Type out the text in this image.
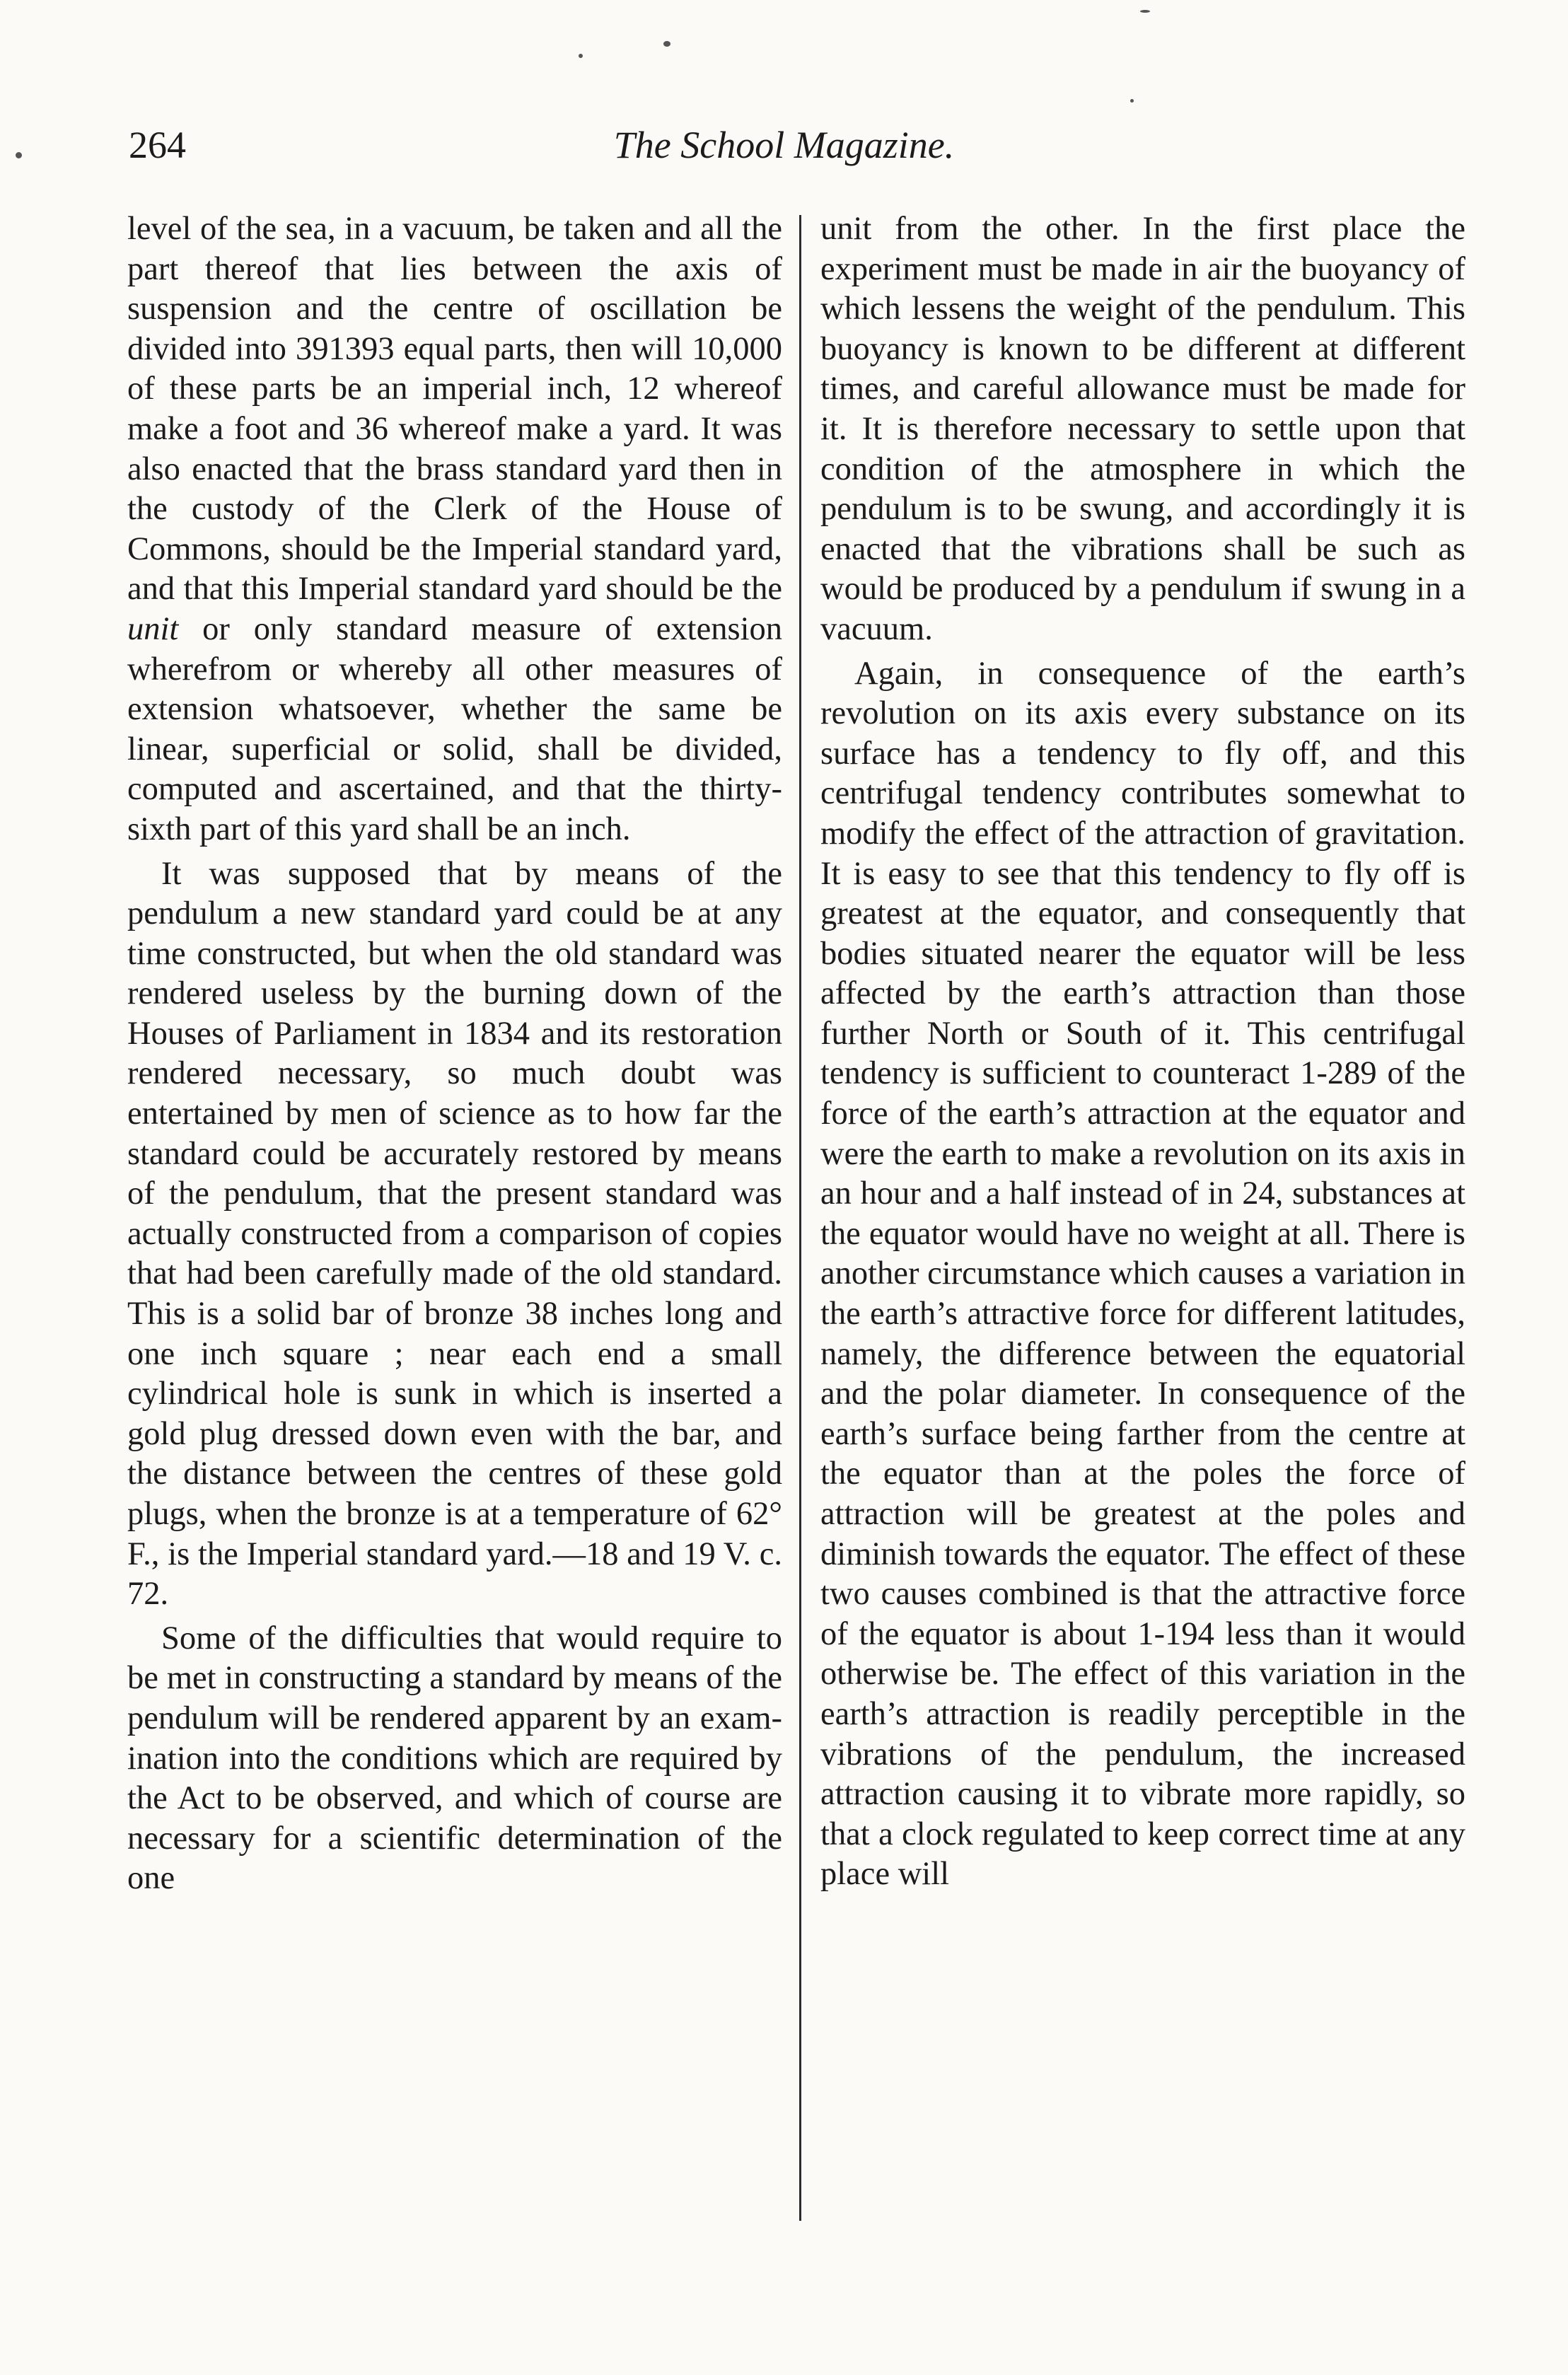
264	The School Magazine.

level of the sea, in a vacuum, be taken and all the part thereof that lies between the axis of suspension and the centre of oscillation be divided into 391393 equal parts, then will 10,000 of these parts be an imperial inch, 12 whereof make a foot and 36 whereof make a yard. It was also enacted that the brass standard yard then in the custody of the Clerk of the House of Commons, should be the Imperial standard yard, and that this Imperial standard yard should be the unit or only standard measure of extension wherefrom or whereby all other measures of extension whatsoever, whether the same be linear, superficial or solid, shall be divided, computed and ascertained, and that the thirty-sixth part of this yard shall be an inch.

It was supposed that by means of the pendulum a new standard yard could be at any time constructed, but when the old standard was rendered useless by the burning down of the Houses of Parliament in 1834 and its restoration rendered necessary, so much doubt was entertained by men of science as to how far the standard could be accurately restored by means of the pendulum, that the present standard was actually constructed from a comparison of copies that had been carefully made of the old standard. This is a solid bar of bronze 38 inches long and one inch square ; near each end a small cylindrical hole is sunk in which is inserted a gold plug dressed down even with the bar, and the distance between the centres of these gold plugs, when the bronze is at a temperature of 62° F., is the Imperial standard yard.—18 and 19 V. c. 72.

Some of the difficulties that would require to be met in constructing a standard by means of the pendulum will be rendered apparent by an examination into the conditions which are required by the Act to be observed, and which of course are necessary for a scientific determination of the one

unit from the other. In the first place the experiment must be made in air the buoyancy of which lessens the weight of the pendulum. This buoyancy is known to be different at different times, and careful allowance must be made for it. It is therefore necessary to settle upon that condition of the atmosphere in which the pendulum is to be swung, and accordingly it is enacted that the vibrations shall be such as would be produced by a pendulum if swung in a vacuum.

Again, in consequence of the earth’s revolution on its axis every substance on its surface has a tendency to fly off, and this centrifugal tendency contributes somewhat to modify the effect of the attraction of gravitation. It is easy to see that this tendency to fly off is greatest at the equator, and consequently that bodies situated nearer the equator will be less affected by the earth’s attraction than those further North or South of it. This centrifugal tendency is sufficient to counteract 1-289 of the force of the earth’s attraction at the equator and were the earth to make a revolution on its axis in an hour and a half instead of in 24, substances at the equator would have no weight at all. There is another circumstance which causes a variation in the earth’s attractive force for different latitudes, namely, the difference between the equatorial and the polar diameter. In consequence of the earth’s surface being farther from the centre at the equator than at the poles the force of attraction will be greatest at the poles and diminish towards the equator. The effect of these two causes combined is that the attractive force of the equator is about 1-194 less than it would otherwise be. The effect of this variation in the earth’s attraction is readily perceptible in the vibrations of the pendulum, the increased attraction causing it to vibrate more rapidly, so that a clock regulated to keep correct time at any place will
